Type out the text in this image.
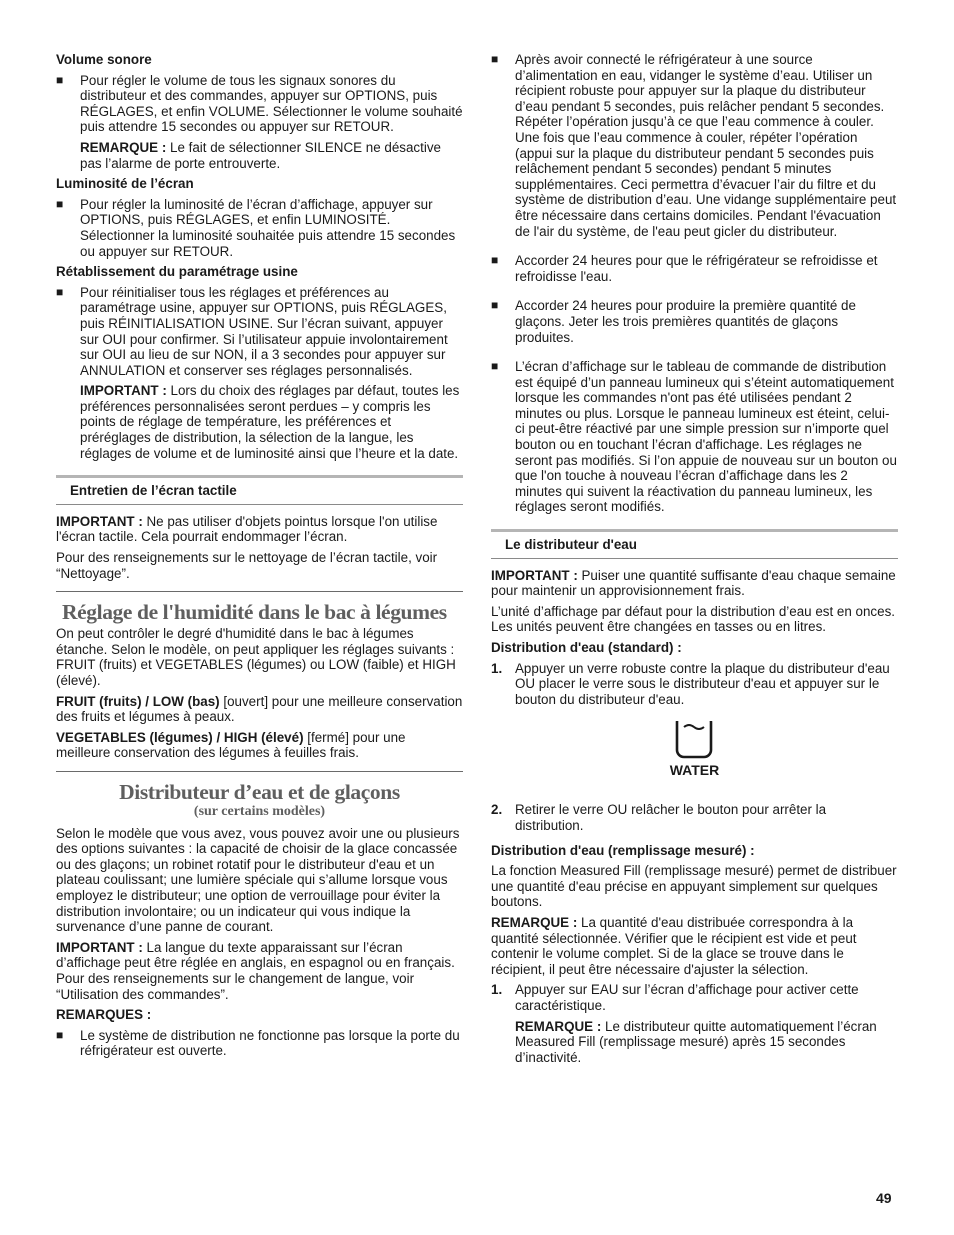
Volume sonore
■ Pour régler le volume de tous les signaux sonores du distributeur et des commandes, appuyer sur OPTIONS, puis RÉGLAGES, et enfin VOLUME. Sélectionner le volume souhaité puis attendre 15 secondes ou appuyer sur RETOUR.

REMARQUE : Le fait de sélectionner SILENCE ne désactive pas l’alarme de porte entrouverte.

Luminosité de l’écran
■ Pour régler la luminosité de l’écran d’affichage, appuyer sur OPTIONS, puis RÉGLAGES, et enfin LUMINOSITÉ. Sélectionner la luminosité souhaitée puis attendre 15 secondes ou appuyer sur RETOUR.
Rétablissement du paramétrage usine
■ Pour réinitialiser tous les réglages et préférences au paramétrage usine, appuyer sur OPTIONS, puis RÉGLAGES, puis RÉINITIALISATION USINE. Sur l’écran suivant, appuyer sur OUI pour confirmer. Si l’utilisateur appuie involontairement sur OUI au lieu de sur NON, il a 3 secondes pour appuyer sur ANNULATION et conserver ses réglages personnalisés.

IMPORTANT : Lors du choix des réglages par défaut, toutes les préférences personnalisées seront perdues – y compris les points de réglage de température, les préférences et préréglages de distribution, la sélection de la langue, les réglages de volume et de luminosité ainsi que l’heure et la date.

Entretien de l’écran tactile

IMPORTANT : Ne pas utiliser d'objets pointus lorsque l'on utilise l'écran tactile. Cela pourrait endommager l’écran.

Pour des renseignements sur le nettoyage de l’écran tactile, voir “Nettoyage”.

Réglage de l'humidité dans le bac à légumes

On peut contrôler le degré d'humidité dans le bac à légumes étanche. Selon le modèle, on peut appliquer les réglages suivants : FRUIT (fruits) et VEGETABLES (légumes) ou LOW (faible) et HIGH (élevé).

FRUIT (fruits) / LOW (bas) [ouvert] pour une meilleure conservation des fruits et légumes à peaux.

VEGETABLES (légumes) / HIGH (élevé) [fermé] pour une meilleure conservation des légumes à feuilles frais.

Distributeur d’eau et de glaçons
(sur certains modèles)

Selon le modèle que vous avez, vous pouvez avoir une ou plusieurs des options suivantes : la capacité de choisir de la glace concassée ou des glaçons; un robinet rotatif pour le distributeur d'eau et un plateau coulissant; une lumière spéciale qui s’allume lorsque vous employez le distributeur; une option de verrouillage pour éviter la distribution involontaire; ou un indicateur qui vous indique la survenance d’une panne de courant.

IMPORTANT : La langue du texte apparaissant sur l’écran d’affichage peut être réglée en anglais, en espagnol ou en français. Pour des renseignements sur le changement de langue, voir “Utilisation des commandes”.

REMARQUES :
■ Le système de distribution ne fonctionne pas lorsque la porte du réfrigérateur est ouverte.
■ Après avoir connecté le réfrigérateur à une source d’alimentation en eau, vidanger le système d’eau. Utiliser un récipient robuste pour appuyer sur la plaque du distributeur d’eau pendant 5 secondes, puis relâcher pendant 5 secondes. Répéter l’opération jusqu’à ce que l’eau commence à couler. Une fois que l’eau commence à couler, répéter l’opération (appui sur la plaque du distributeur pendant 5 secondes puis relâchement pendant 5 secondes) pendant 5 minutes supplémentaires. Ceci permettra d’évacuer l’air du filtre et du système de distribution d’eau. Une vidange supplémentaire peut être nécessaire dans certains domiciles. Pendant l'évacuation de l'air du système, de l'eau peut gicler du distributeur.
■ Accorder 24 heures pour que le réfrigérateur se refroidisse et refroidisse l'eau.
■ Accorder 24 heures pour produire la première quantité de glaçons. Jeter les trois premières quantités de glaçons produites.
■ L’écran d’affichage sur le tableau de commande de distribution est équipé d’un panneau lumineux qui s’éteint automatiquement lorsque les commandes n'ont pas été utilisées pendant 2 minutes ou plus. Lorsque le panneau lumineux est éteint, celui-ci peut-être réactivé par une simple pression sur n’importe quel bouton ou en touchant l’écran d'affichage. Les réglages ne seront pas modifiés. Si l’on appuie de nouveau sur un bouton ou que l'on touche à nouveau l’écran d’affichage dans les 2 minutes qui suivent la réactivation du panneau lumineux, les réglages seront modifiés.
Le distributeur d'eau

IMPORTANT : Puiser une quantité suffisante d'eau chaque semaine pour maintenir un approvisionnement frais.

L’unité d’affichage par défaut pour la distribution d’eau est en onces. Les unités peuvent être changées en tasses ou en litres.

Distribution d'eau (standard) :
1. Appuyer un verre robuste contre la plaque du distributeur d'eau OU placer le verre sous le distributeur d'eau et appuyer sur le bouton du distributeur d'eau.
WATER
2. Retirer le verre OU relâcher le bouton pour arrêter la distribution.
Distribution d'eau (remplissage mesuré) :

La fonction Measured Fill (remplissage mesuré) permet de distribuer une quantité d'eau précise en appuyant simplement sur quelques boutons.

REMARQUE : La quantité d'eau distribuée correspondra à la quantité sélectionnée. Vérifier que le récipient est vide et peut contenir le volume complet. Si de la glace se trouve dans le récipient, il peut être nécessaire d'ajuster la sélection.

1. Appuyer sur EAU sur l’écran d’affichage pour activer cette caractéristique.

REMARQUE : Le distributeur quitte automatiquement l’écran Measured Fill (remplissage mesuré) après 15 secondes d’inactivité.

49
